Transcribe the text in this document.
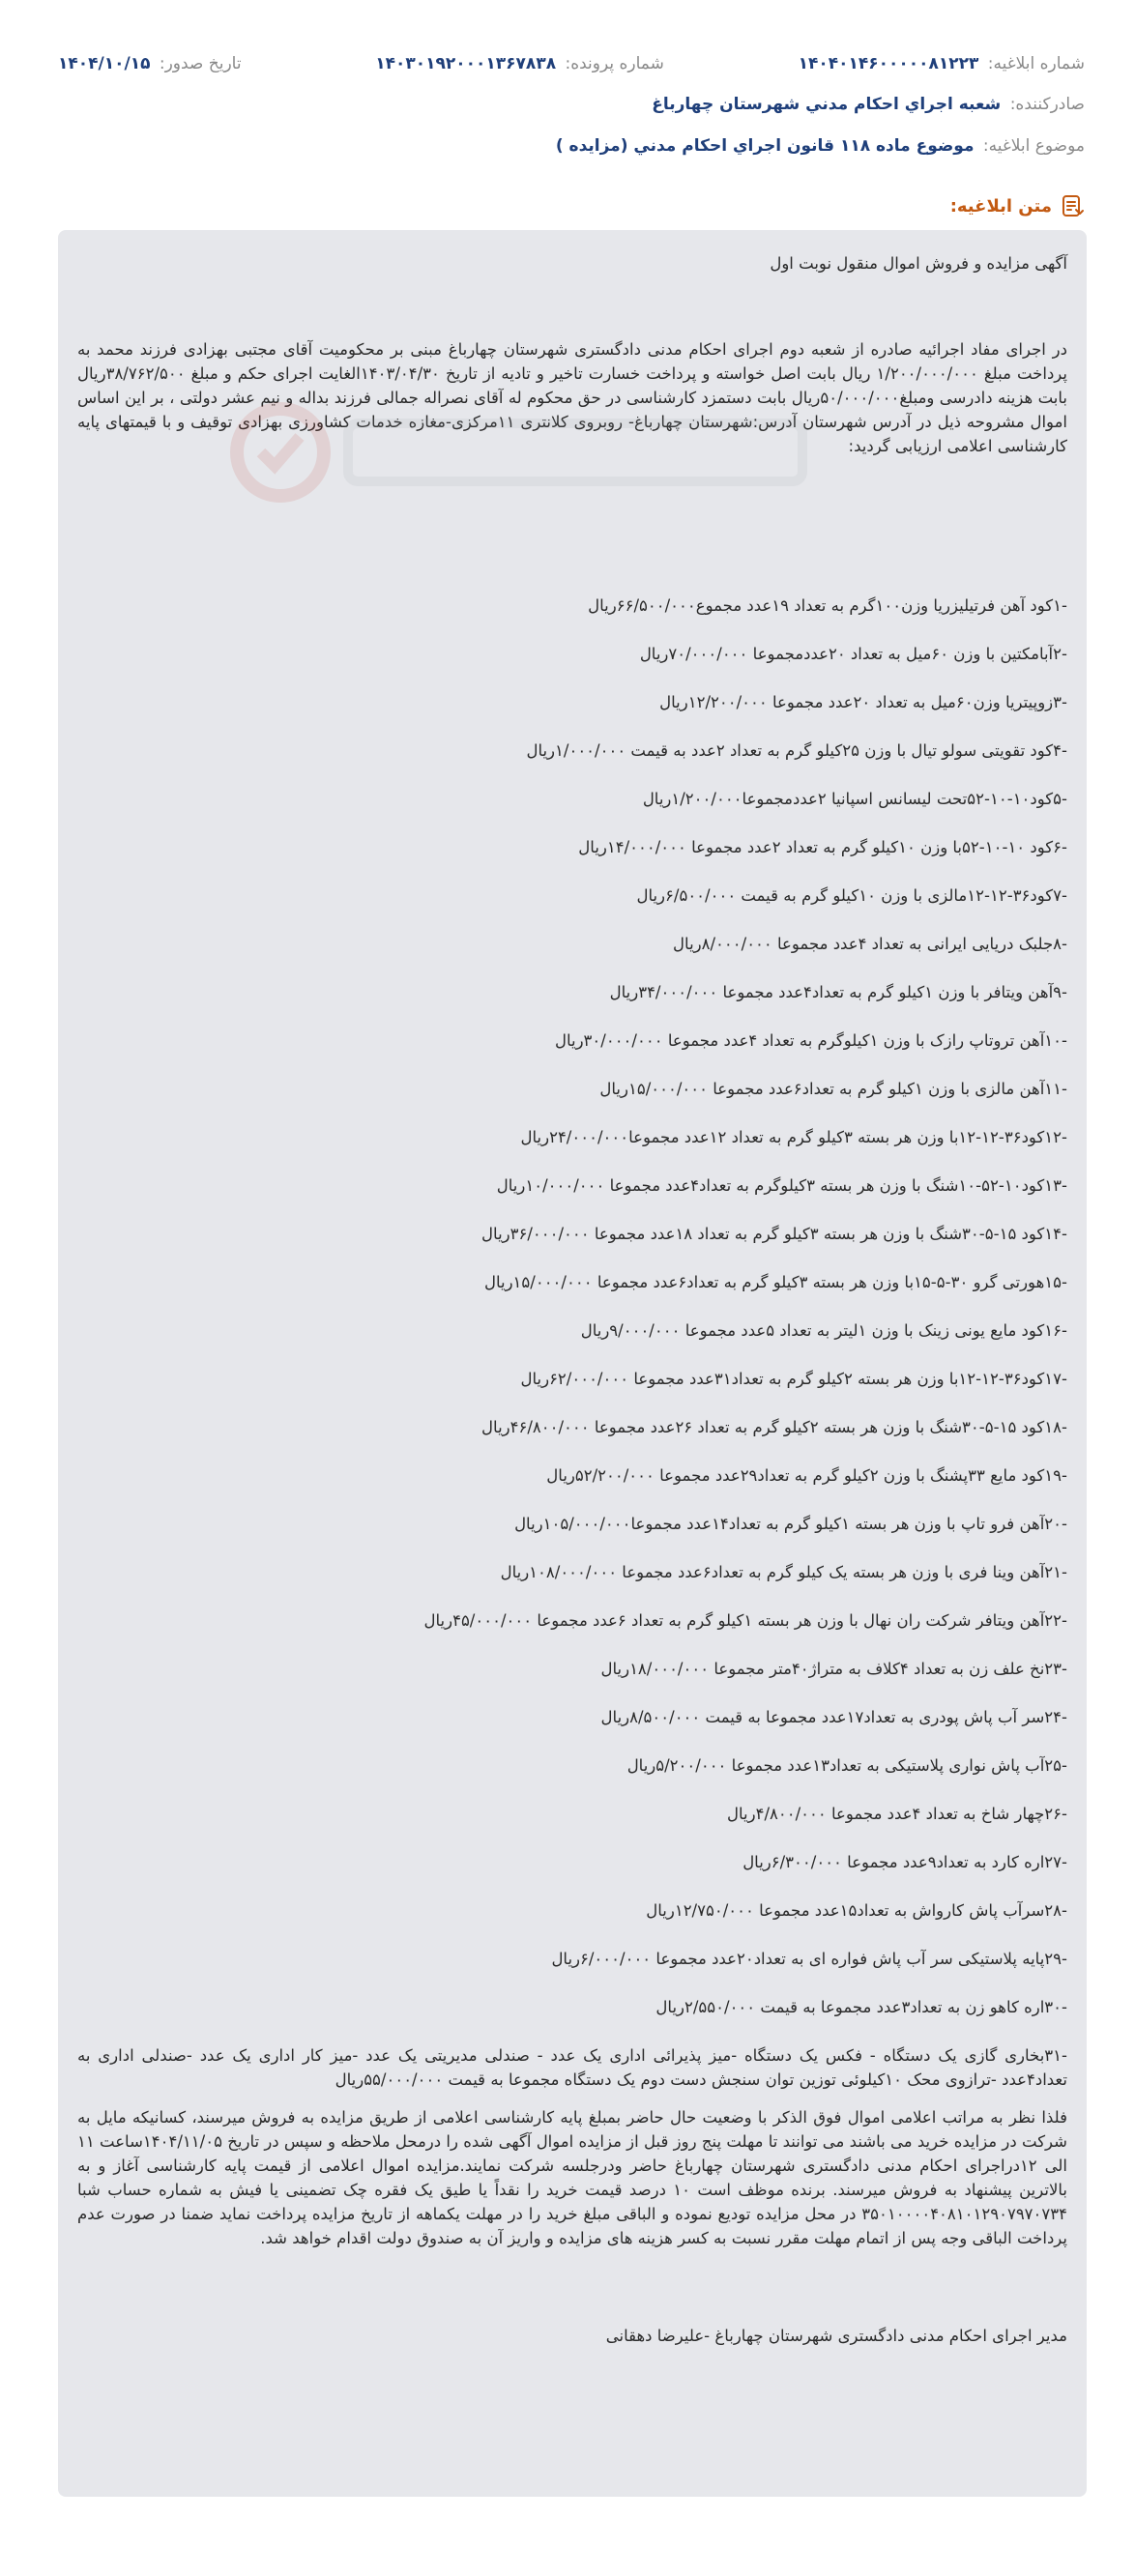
شماره ابلاغیه: ۱۴۰۴۰۱۴۶۰۰۰۰۰۸۱۲۲۳
شماره پرونده: ۱۴۰۳۰۱۹۲۰۰۰۱۳۶۷۸۳۸
تاریخ صدور: ۱۴۰۴/۱۰/۱۵
صادرکننده: شعبه اجراي احكام مدني شهرستان چهارباغ
موضوع ابلاغیه: موضوع ماده ۱۱۸ قانون اجراي احكام مدني (مزايده )
متن ابلاغیه:

آگهی مزایده و فروش اموال منقول نوبت اول

در اجرای مفاد اجرائیه صادره از شعبه دوم اجرای احکام مدنی دادگستری شهرستان چهارباغ مبنی بر محکومیت آقای مجتبی بهزادی فرزند محمد به پرداخت مبلغ ۱/۲۰۰/۰۰۰/۰۰۰ ریال بابت اصل خواسته و پرداخت خسارت تاخیر و تادیه از تاریخ ۱۴۰۳/۰۴/۳۰الغایت اجرای حکم و مبلغ ۳۸/۷۶۲/۵۰۰ریال بابت هزینه دادرسی ومبلغ۵۰/۰۰۰/۰۰۰ریال بابت دستمزد کارشناسی در حق محکوم له آقای نصراله جمالی فرزند بداله و نیم عشر دولتی ، بر این اساس اموال مشروحه ذیل در آدرس شهرستان آدرس:شهرستان چهارباغ- روبروی کلانتری ۱۱مرکزی-مغازه خدمات کشاورزی بهزادی توقیف و با قیمتهای پایه کارشناسی اعلامی ارزیابی گردید:

-۱کود آهن فرتیلیزریا وزن۱۰۰گرم به تعداد ۱۹عدد مجموع۶۶/۵۰۰/۰۰۰ریال
-۲آبامکتین با وزن ۶۰میل به تعداد ۲۰عددمجموعا ۷۰/۰۰۰/۰۰۰ریال
-۳زوپیتریا وزن۶۰میل به تعداد ۲۰عدد مجموعا ۱۲/۲۰۰/۰۰۰ریال
-۴کود تقویتی سولو تیال با وزن ۲۵کیلو گرم به تعداد ۲عدد به قیمت ۱/۰۰۰/۰۰۰ریال
-۵کود۱۰-۱۰-۵۲تحت لیسانس اسپانیا ۲عددمجموعا۱/۲۰۰/۰۰۰ریال
-۶کود ۱۰-۱۰-۵۲با وزن ۱۰کیلو گرم به تعداد ۲عدد مجموعا ۱۴/۰۰۰/۰۰۰ریال
-۷کود۳۶-۱۲-۱۲مالزی با وزن ۱۰کیلو گرم به قیمت ۶/۵۰۰/۰۰۰ریال
-۸جلبک دریایی ایرانی به تعداد ۴عدد مجموعا ۸/۰۰۰/۰۰۰ریال
-۹آهن ویتافر با وزن ۱کیلو گرم به تعداد۴عدد مجموعا ۳۴/۰۰۰/۰۰۰ریال
-۱۰آهن تروتاپ رازک با وزن ۱کیلوگرم به تعداد ۴عدد مجموعا ۳۰/۰۰۰/۰۰۰ریال
-۱۱آهن مالزی با وزن ۱کیلو گرم به تعداد۶عدد مجموعا ۱۵/۰۰۰/۰۰۰ریال
-۱۲کود۳۶-۱۲-۱۲با وزن هر بسته ۳کیلو گرم به تعداد ۱۲عدد مجموعا۲۴/۰۰۰/۰۰۰ریال
-۱۳کود۱۰-۵۲-۱۰شنگ با وزن هر بسته ۳کیلوگرم به تعداد۴عدد مجموعا ۱۰/۰۰۰/۰۰۰ریال
-۱۴کود ۱۵-۵-۳۰شنگ با وزن هر بسته ۳کیلو گرم به تعداد ۱۸عدد مجموعا ۳۶/۰۰۰/۰۰۰ریال
-۱۵هورتی گرو ۳۰-۵-۱۵با وزن هر بسته ۳کیلو گرم به تعداد۶عدد مجموعا ۱۵/۰۰۰/۰۰۰ریال
-۱۶کود مایع یونی زینک با وزن ۱لیتر به تعداد ۵عدد مجموعا ۹/۰۰۰/۰۰۰ریال
-۱۷کود۳۶-۱۲-۱۲با وزن هر بسته ۲کیلو گرم به تعداد۳۱عدد مجموعا ۶۲/۰۰۰/۰۰۰ریال
-۱۸کود ۱۵-۵-۳۰شنگ با وزن هر بسته ۲کیلو گرم به تعداد ۲۶عدد مجموعا ۴۶/۸۰۰/۰۰۰ریال
-۱۹کود مایع ۳۳پشنگ با وزن ۲کیلو گرم به تعداد۲۹عدد مجموعا ۵۲/۲۰۰/۰۰۰ریال
-۲۰آهن فرو تاپ با وزن هر بسته ۱کیلو گرم به تعداد۱۴عدد مجموعا۱۰۵/۰۰۰/۰۰۰ریال
-۲۱آهن وینا فری با وزن هر بسته یک کیلو گرم به تعداد۶عدد مجموعا ۱۰۸/۰۰۰/۰۰۰ریال
-۲۲آهن ویتافر شرکت ران نهال با وزن هر بسته ۱کیلو گرم به تعداد ۶عدد مجموعا ۴۵/۰۰۰/۰۰۰ریال
-۲۳نخ علف زن به تعداد ۴کلاف به متراژ۴۰متر مجموعا ۱۸/۰۰۰/۰۰۰ریال
-۲۴سر آب پاش پودری به تعداد۱۷عدد مجموعا به قیمت ۸/۵۰۰/۰۰۰ریال
-۲۵آب پاش نواری پلاستیکی به تعداد۱۳عدد مجموعا ۵/۲۰۰/۰۰۰ریال
-۲۶چهار شاخ به تعداد ۴عدد مجموعا ۴/۸۰۰/۰۰۰ریال
-۲۷اره کارد به تعداد۹عدد مجموعا ۶/۳۰۰/۰۰۰ریال
-۲۸سرآب پاش کارواش به تعداد۱۵عدد مجموعا ۱۲/۷۵۰/۰۰۰ریال
-۲۹پایه پلاستیکی سر آب پاش فواره ای به تعداد۲۰عدد مجموعا ۶/۰۰۰/۰۰۰ریال
-۳۰اره کاهو زن به تعداد۳عدد مجموعا به قیمت ۲/۵۵۰/۰۰۰ریال
-۳۱بخاری گازی یک دستگاه - فکس یک دستگاه -میز پذیرائی اداری یک عدد - صندلی مدیریتی یک عدد -میز کار اداری یک عدد -صندلی اداری به تعداد۴عدد -ترازوی محک ۱۰کیلوئی توزین توان سنجش دست دوم یک دستگاه مجموعا به قیمت ۵۵/۰۰۰/۰۰۰ریال

فلذا نظر به مراتب اعلامی اموال فوق الذکر با وضعیت حال حاضر بمبلغ پایه کارشناسی اعلامی از طریق مزایده به فروش میرسند، کسانیکه مایل به شرکت در مزایده خرید می باشند می توانند تا مهلت پنج روز قبل از مزایده اموال آگهی شده را درمحل ملاحظه و سپس در تاریخ ۱۴۰۴/۱۱/۰۵ساعت ۱۱ الی ۱۲دراجرای احکام مدنی دادگستری شهرستان چهارباغ حاضر ودرجلسه شرکت نمایند.مزایده اموال اعلامی از قیمت پایه کارشناسی آغاز و به بالاترین پیشنهاد به فروش میرسند. برنده موظف است ۱۰ درصد قیمت خرید را نقداً یا طیق یک فقره چک تضمینی یا فیش به شماره حساب شبا ۳۵۰۱۰۰۰۰۴۰۸۱۰۱۲۹۰۷۹۷۰۷۳۴ در محل مزایده تودیع نموده و الباقی مبلغ خرید را در مهلت یکماهه از تاریخ مزایده پرداخت نماید ضمنا در صورت عدم پرداخت الباقی وجه پس از اتمام مهلت مقرر نسبت به کسر هزینه های مزایده و واریز آن به صندوق دولت اقدام خواهد شد.

مدیر اجرای احکام مدنی دادگستری شهرستان چهارباغ -علیرضا دهقانی
